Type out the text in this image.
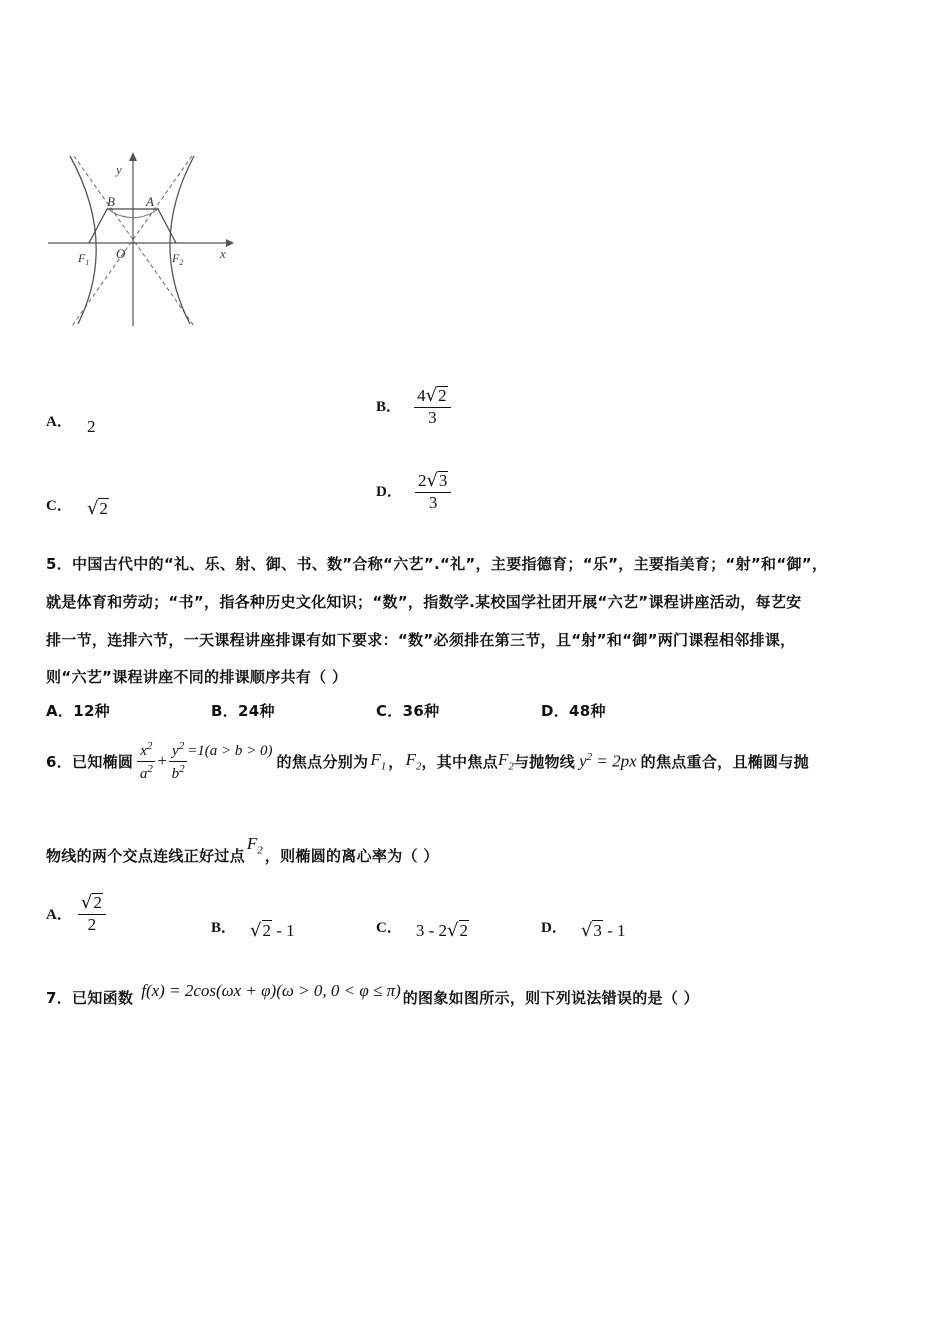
y
x
B A
O
$F_1$	$F_2$
A． 2
B． $\frac{4 √ 2}{3}$
C． √ 2
D． $\frac{2 √ 3}{3}$
5．中国古代中的“礼、乐、射、御、书、数”合称“六艺”.“礼”，主要指德育；“乐”，主要指美育；“射”和“御”，
就是体育和劳动；“书”，指各种历史文化知识；“数”，指数学.某校国学社团开展“六艺”课程讲座活动，每艺安
排一节，连排六节，一天课程讲座排课有如下要求：“数”必须排在第三节，且“射”和“御”两门课程相邻排课，
则“六艺”课程讲座不同的排课顺序共有（ ）
A．12种	B．24种	C．36种	D．48种
6．已知椭圆 $\frac{x^2}{a^2} + \frac{y^2}{b^2} =1(a > b > 0)$
的焦点分别为 $F_1$ ， $F_2$ ，其中焦点 $F_2$ 与抛物线 $y^2 = 2px$ 的焦点重合，且椭圆与抛
物线的两个交点连线正好过点
$F_2$ ，则椭圆的离心率为（ ）
A． $\frac{√ 2}{2}$	B． √ 2 - 1	C． 3 - 2 √ 2	D． √ 3 - 1
7．已知函数 f(x) = 2cos(ωx + φ)(ω > 0, 0 < φ ≤ π) 的图象如图所示，则下列说法错误的是（ ）
